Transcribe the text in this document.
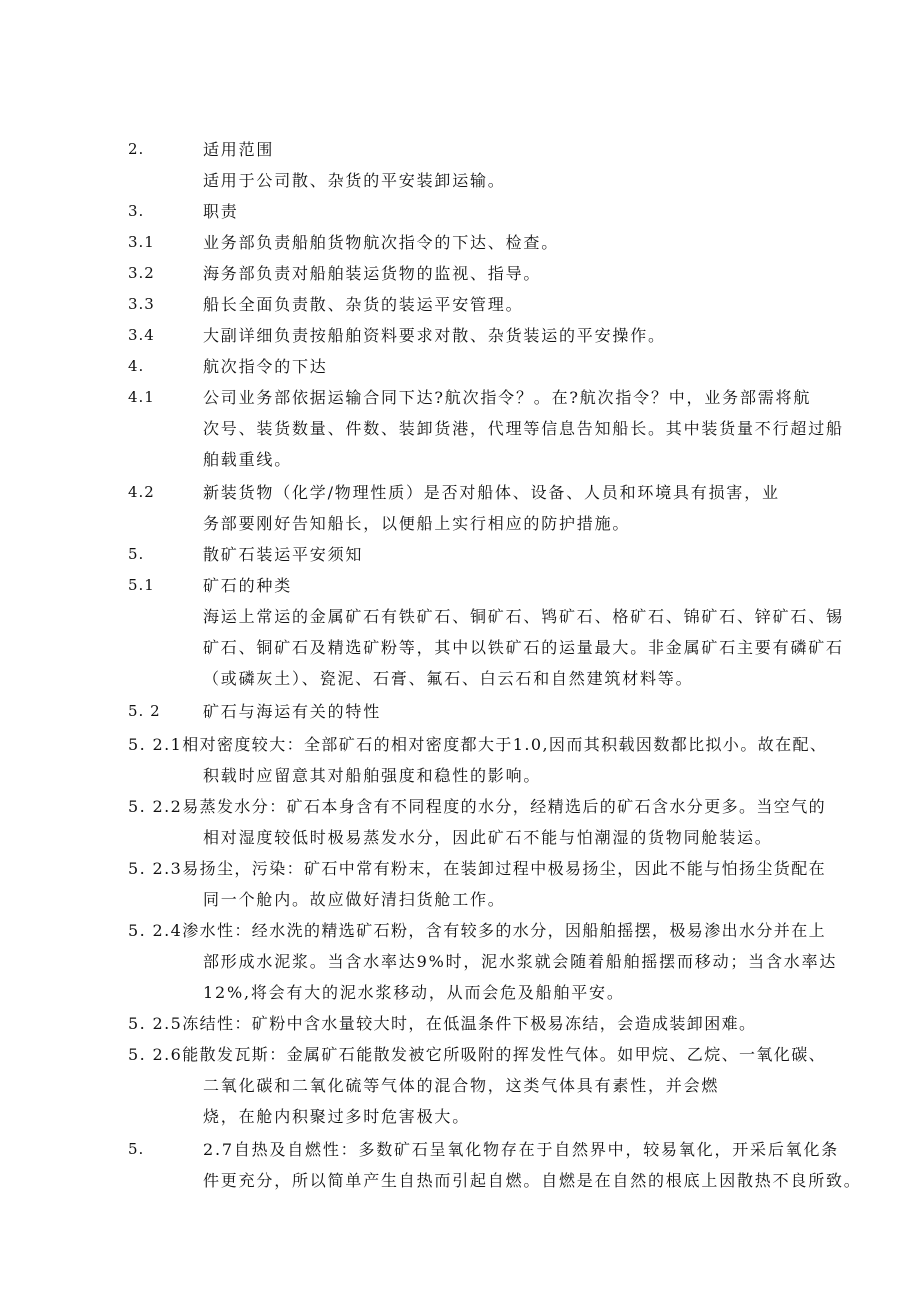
2.	适用范围
适用于公司散、杂货的平安装卸运输。
3.	职责
3.1	业务部负责船舶货物航次指令的下达、检查。
3.2	海务部负责对船舶装运货物的监视、指导。
3.3	船长全面负责散、杂货的装运平安管理。
3.4	大副详细负责按船舶资料要求对散、杂货装运的平安操作。
4.	航次指令的下达
4.1	公司业务部依据运输合同下达?航次指令？。在?航次指令？中，业务部需将航
次号、装货数量、件数、装卸货港，代理等信息告知船长。其中装货量不行超过船
舶载重线。
4.2	新装货物（化学/物理性质）是否对船体、设备、人员和环境具有损害，业
务部要刚好告知船长，以便船上实行相应的防护措施。
5.	散矿石装运平安须知
5.1	矿石的种类
海运上常运的金属矿石有铁矿石、铜矿石、鸨矿石、格矿石、锦矿石、锌矿石、锡
矿石、铜矿石及精选矿粉等，其中以铁矿石的运量最大。非金属矿石主要有磷矿石
（或磷灰土）、瓷泥、石膏、氟石、白云石和自然建筑材料等。
5. 2	矿石与海运有关的特性
5. 2.1相对密度较大：全部矿石的相对密度都大于1.0,因而其积载因数都比拟小。故在配、
积载时应留意其对船舶强度和稳性的影响。
5. 2.2易蒸发水分：矿石本身含有不同程度的水分，经精选后的矿石含水分更多。当空气的
相对湿度较低时极易蒸发水分，因此矿石不能与怕潮湿的货物同舱装运。
5. 2.3易扬尘，污染：矿石中常有粉末，在装卸过程中极易扬尘，因此不能与怕扬尘货配在
同一个舱内。故应做好清扫货舱工作。
5. 2.4渗水性：经水洗的精选矿石粉，含有较多的水分，因船舶摇摆，极易渗出水分并在上
部形成水泥浆。当含水率达9%时，泥水浆就会随着船舶摇摆而移动；当含水率达
12%,将会有大的泥水浆移动，从而会危及船舶平安。
5. 2.5冻结性：矿粉中含水量较大时，在低温条件下极易冻结，会造成装卸困难。
5. 2.6能散发瓦斯：金属矿石能散发被它所吸附的挥发性气体。如甲烷、乙烷、一氧化碳、
二氧化碳和二氧化硫等气体的混合物，这类气体具有素性，并会燃
烧，在舱内积聚过多时危害极大。
5.	2.7自热及自燃性：多数矿石呈氧化物存在于自然界中，较易氧化，开采后氧化条
件更充分，所以简单产生自热而引起自燃。自燃是在自然的根底上因散热不良所致。
